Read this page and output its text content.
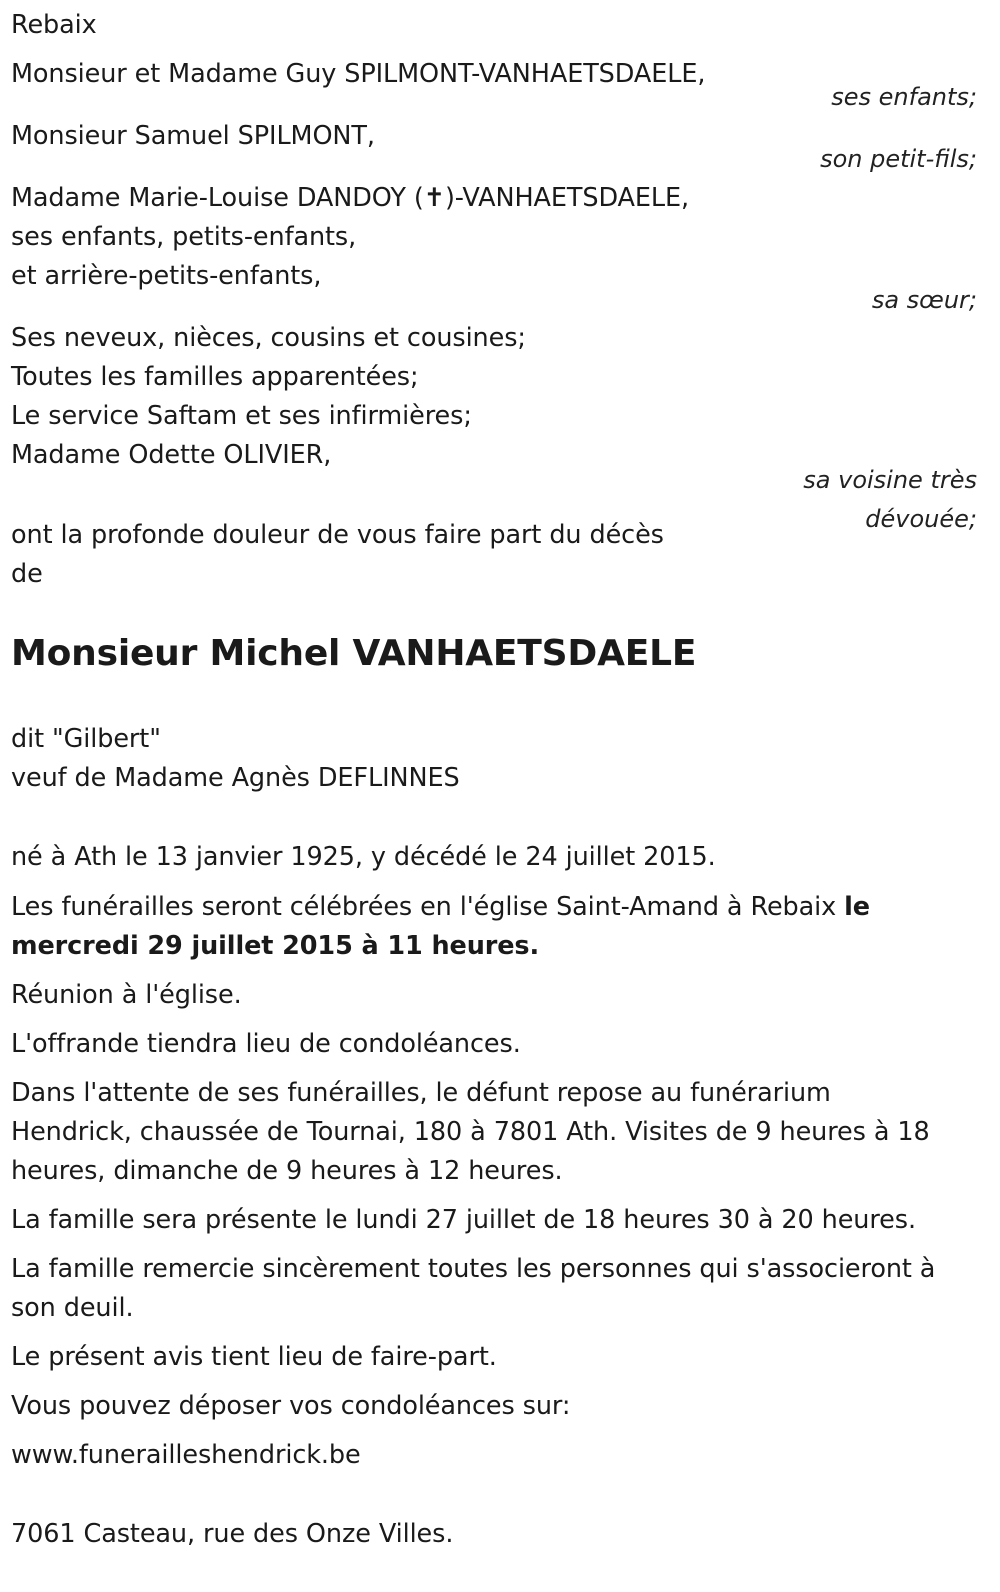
Rebaix
Monsieur et Madame Guy SPILMONT-VANHAETSDAELE,
ses enfants;
Monsieur Samuel SPILMONT,
son petit-fils;
Madame Marie-Louise DANDOY (✝)-VANHAETSDAELE,
ses enfants, petits-enfants,
et arrière-petits-enfants,
sa sœur;
Ses neveux, nièces, cousins et cousines;
Toutes les familles apparentées;
Le service Saftam et ses infirmières;
Madame Odette OLIVIER,
sa voisine très
dévouée;
ont la profonde douleur de vous faire part du décès
de
Monsieur Michel VANHAETSDAELE
dit "Gilbert"
veuf de Madame Agnès DEFLINNES
né à Ath le 13 janvier 1925, y décédé le 24 juillet 2015.
Les funérailles seront célébrées en l'église Saint-Amand à Rebaix le
mercredi 29 juillet 2015 à 11 heures.
Réunion à l'église.
L'offrande tiendra lieu de condoléances.
Dans l'attente de ses funérailles, le défunt repose au funérarium
Hendrick, chaussée de Tournai, 180 à 7801 Ath. Visites de 9 heures à 18
heures, dimanche de 9 heures à 12 heures.
La famille sera présente le lundi 27 juillet de 18 heures 30 à 20 heures.
La famille remercie sincèrement toutes les personnes qui s'associeront à
son deuil.
Le présent avis tient lieu de faire-part.
Vous pouvez déposer vos condoléances sur:
www.funerailleshendrick.be
7061 Casteau, rue des Onze Villes.
